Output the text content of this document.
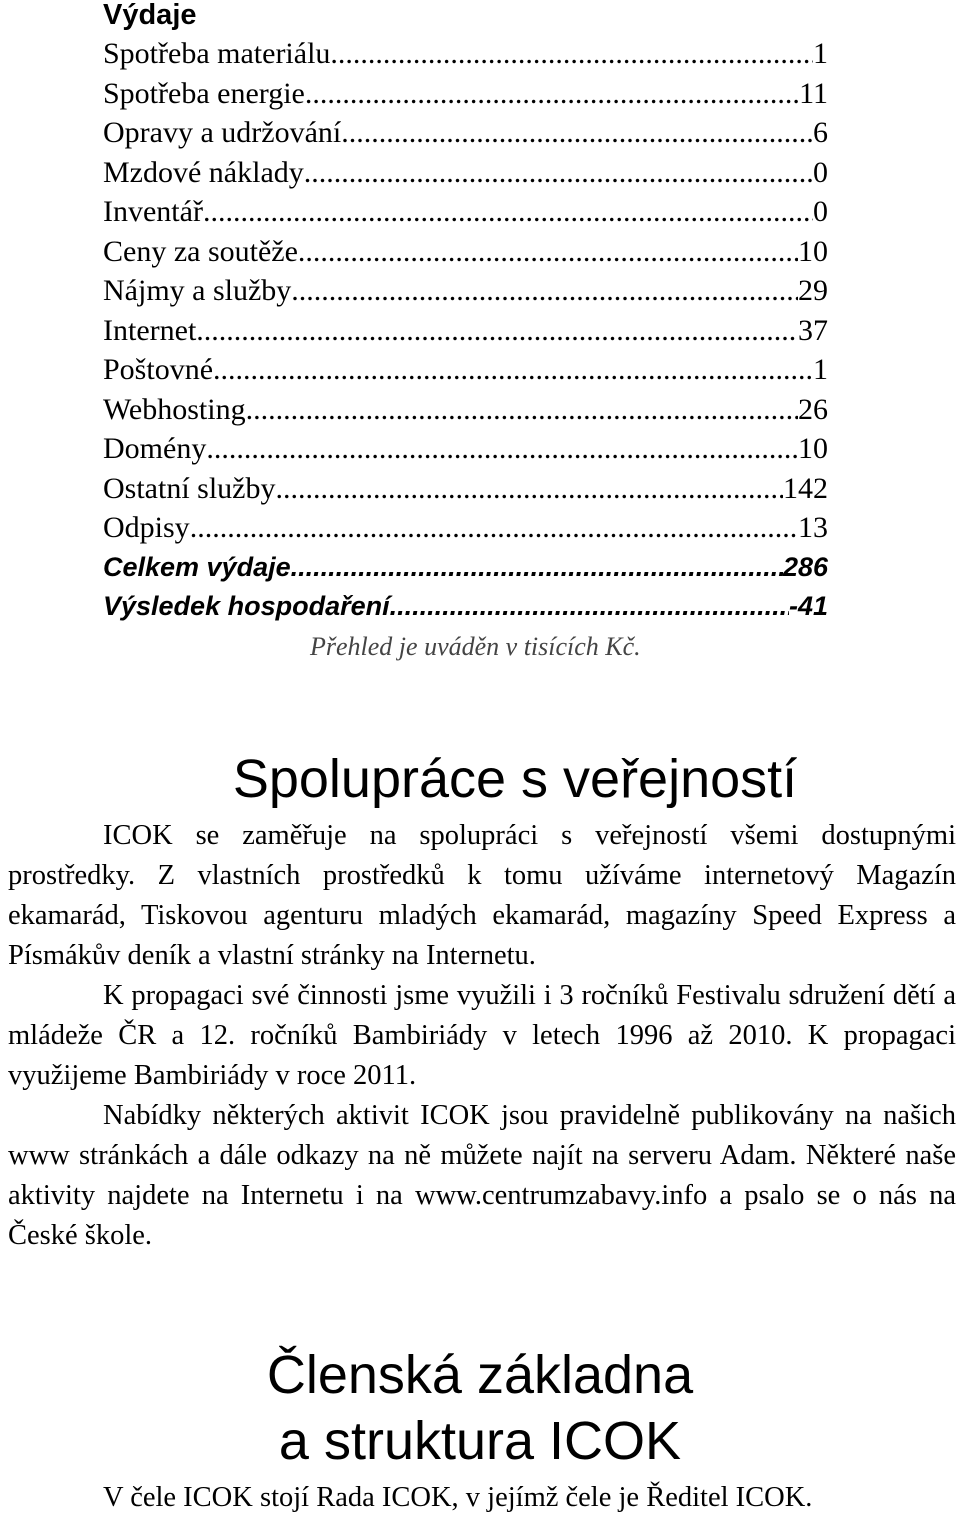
Výdaje
Spotřeba materiálu .....	1
Spotřeba energie .....	11
Opravy a udržování .....	6
Mzdové náklady .....	0
Inventář .....	0
Ceny za soutěže .....	10
Nájmy a služby .....	29
Internet .....	37
Poštovné .....	1
Webhosting .....	26
Domény .....	10
Ostatní služby .....	142
Odpisy .....	13
Celkem výdaje .....	286
Výsledek hospodaření .....	-41
Přehled je uváděn v tisících Kč.
Spolupráce s veřejností

ICOK se zaměřuje na spolupráci s veřejností všemi dostupnými prostředky. Z vlastních prostředků k tomu užíváme internetový Magazín ekamarád, Tiskovou agenturu mladých ekamarád, magazíny Speed Express a Písmákův deník a vlastní stránky na Internetu.

K propagaci své činnosti jsme využili i 3 ročníků Festivalu sdružení dětí a mládeže ČR a 12. ročníků Bambiriády v letech 1996 až 2010. K propagaci využijeme Bambiriády v roce 2011.

Nabídky některých aktivit ICOK jsou pravidelně publikovány na našich www stránkách a dále odkazy na ně můžete najít na serveru Adam. Některé naše aktivity najdete na Internetu i na www.centrumzabavy.info a psalo se o nás na České škole.

Členská základna
a struktura ICOK
V čele ICOK stojí Rada ICOK, v jejímž čele je Ředitel ICOK.
